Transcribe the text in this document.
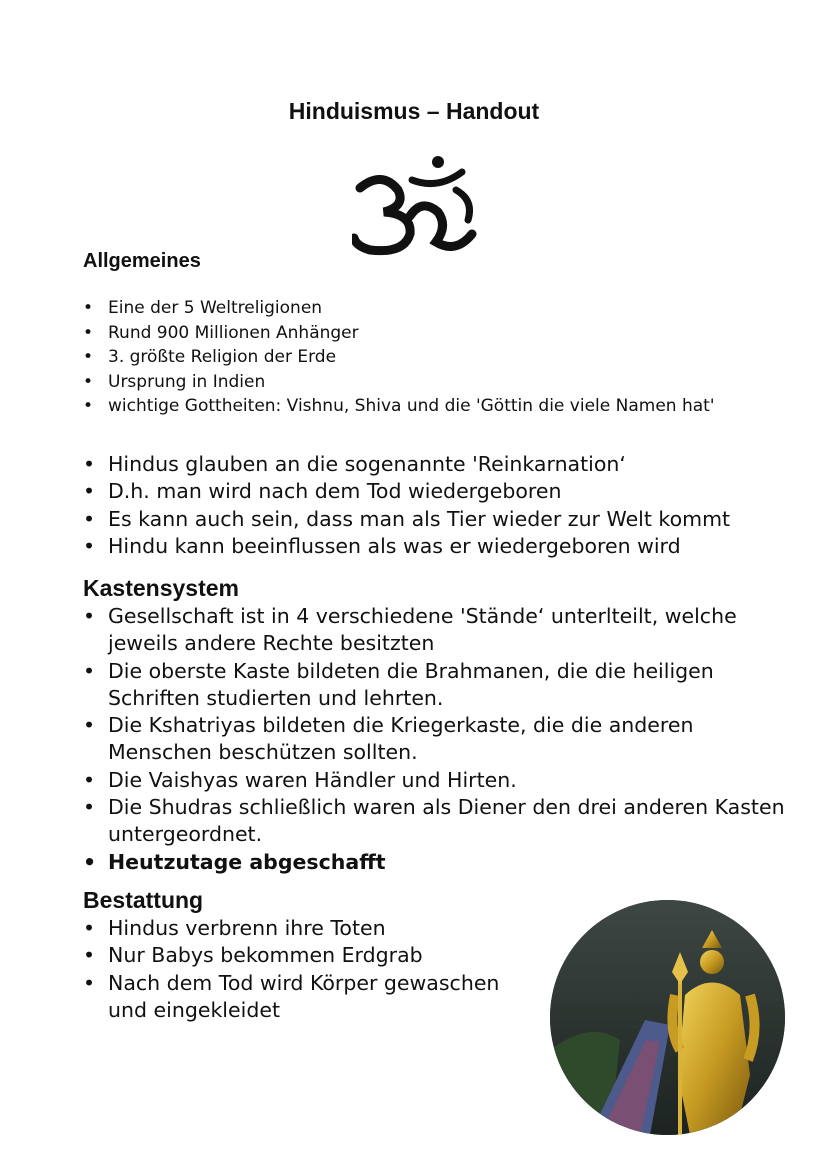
Hinduismus – Handout
Allgemeines
• Eine der 5 Weltreligionen
• Rund 900 Millionen Anhänger
• 3. größte Religion der Erde
• Ursprung in Indien
• wichtige Gottheiten: Vishnu, Shiva und die 'Göttin die viele Namen hat'
• Hindus glauben an die sogenannte 'Reinkarnation‘
• D.h. man wird nach dem Tod wiedergeboren
• Es kann auch sein, dass man als Tier wieder zur Welt kommt
• Hindu kann beeinflussen als was er wiedergeboren wird
Kastensystem
• Gesellschaft ist in 4 verschiedene 'Stände‘ unterlteilt, welche jeweils andere Rechte besitzten
• Die oberste Kaste bildeten die Brahmanen, die die heiligen Schriften studierten und lehrten.
• Die Kshatriyas bildeten die Kriegerkaste, die die anderen Menschen beschützen sollten.
• Die Vaishyas waren Händler und Hirten.
• Die Shudras schließlich waren als Diener den drei anderen Kasten untergeordnet.
• Heutzutage abgeschafft
Bestattung
• Hindus verbrenn ihre Toten
• Nur Babys bekommen Erdgrab
• Nach dem Tod wird Körper gewaschen und eingekleidet
